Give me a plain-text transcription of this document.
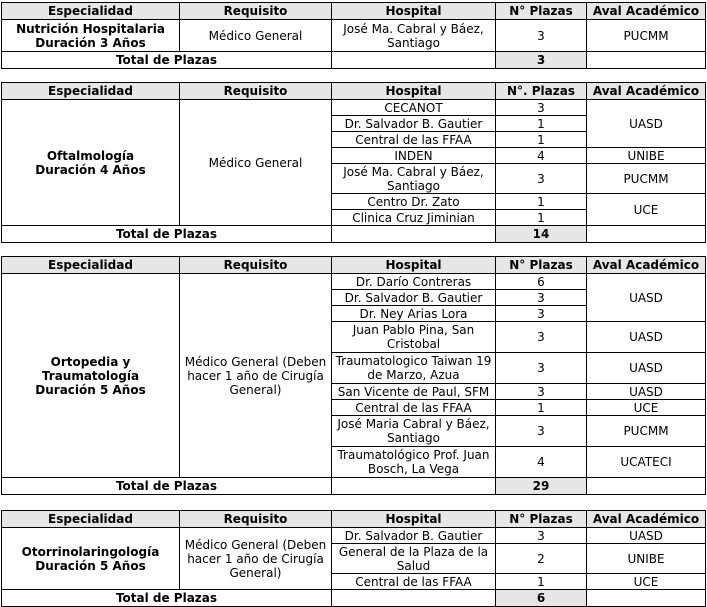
Especialidad	Requisito	Hospital	N° Plazas	Aval Académico

Nutrición Hospitalaria
Duración 3 Años	Médico General	José Ma. Cabral y Báez, Santiago	3	PUCMM
Total de Plazas			3	
Especialidad	Requisito	Hospital	N°. Plazas	Aval Académico

Oftalmología
Duración 4 Años	Médico General	CECANOT	3	UASD
		Dr. Salvador B. Gautier	1	
		Central de las FFAA	1	
		INDEN	4	UNIBE
		José Ma. Cabral y Báez, Santiago	3	PUCMM
		Centro Dr. Zato	1	UCE
		Clinica Cruz Jiminian	1	
Total de Plazas			14	
Especialidad	Requisito	Hospital	N° Plazas	Aval Académico

Ortopedia y Traumatología
Duración 5 Años	Médico General (Deben hacer 1 año de Cirugía General)	Dr. Darío Contreras	6	UASD
		Dr. Salvador B. Gautier	3	
		Dr. Ney Arias Lora	3	
		Juan Pablo Pina, San Cristobal	3	UASD
		Traumatologico Taiwan 19 de Marzo, Azua	3	UASD
		San Vicente de Paul, SFM	3	UASD
		Central de las FFAA	1	UCE
		José Maria Cabral y Báez, Santiago	3	PUCMM
		Traumatológico Prof. Juan Bosch, La Vega	4	UCATECI
Total de Plazas			29	
Especialidad	Requisito	Hospital	N° Plazas	Aval Académico

Otorrinolaringología
Duración 5 Años	Médico General (Deben hacer 1 año de Cirugía General)	Dr. Salvador B. Gautier	3	UASD
		General de la Plaza de la Salud	2	UNIBE
		Central de las FFAA	1	UCE
Total de Plazas			6	
